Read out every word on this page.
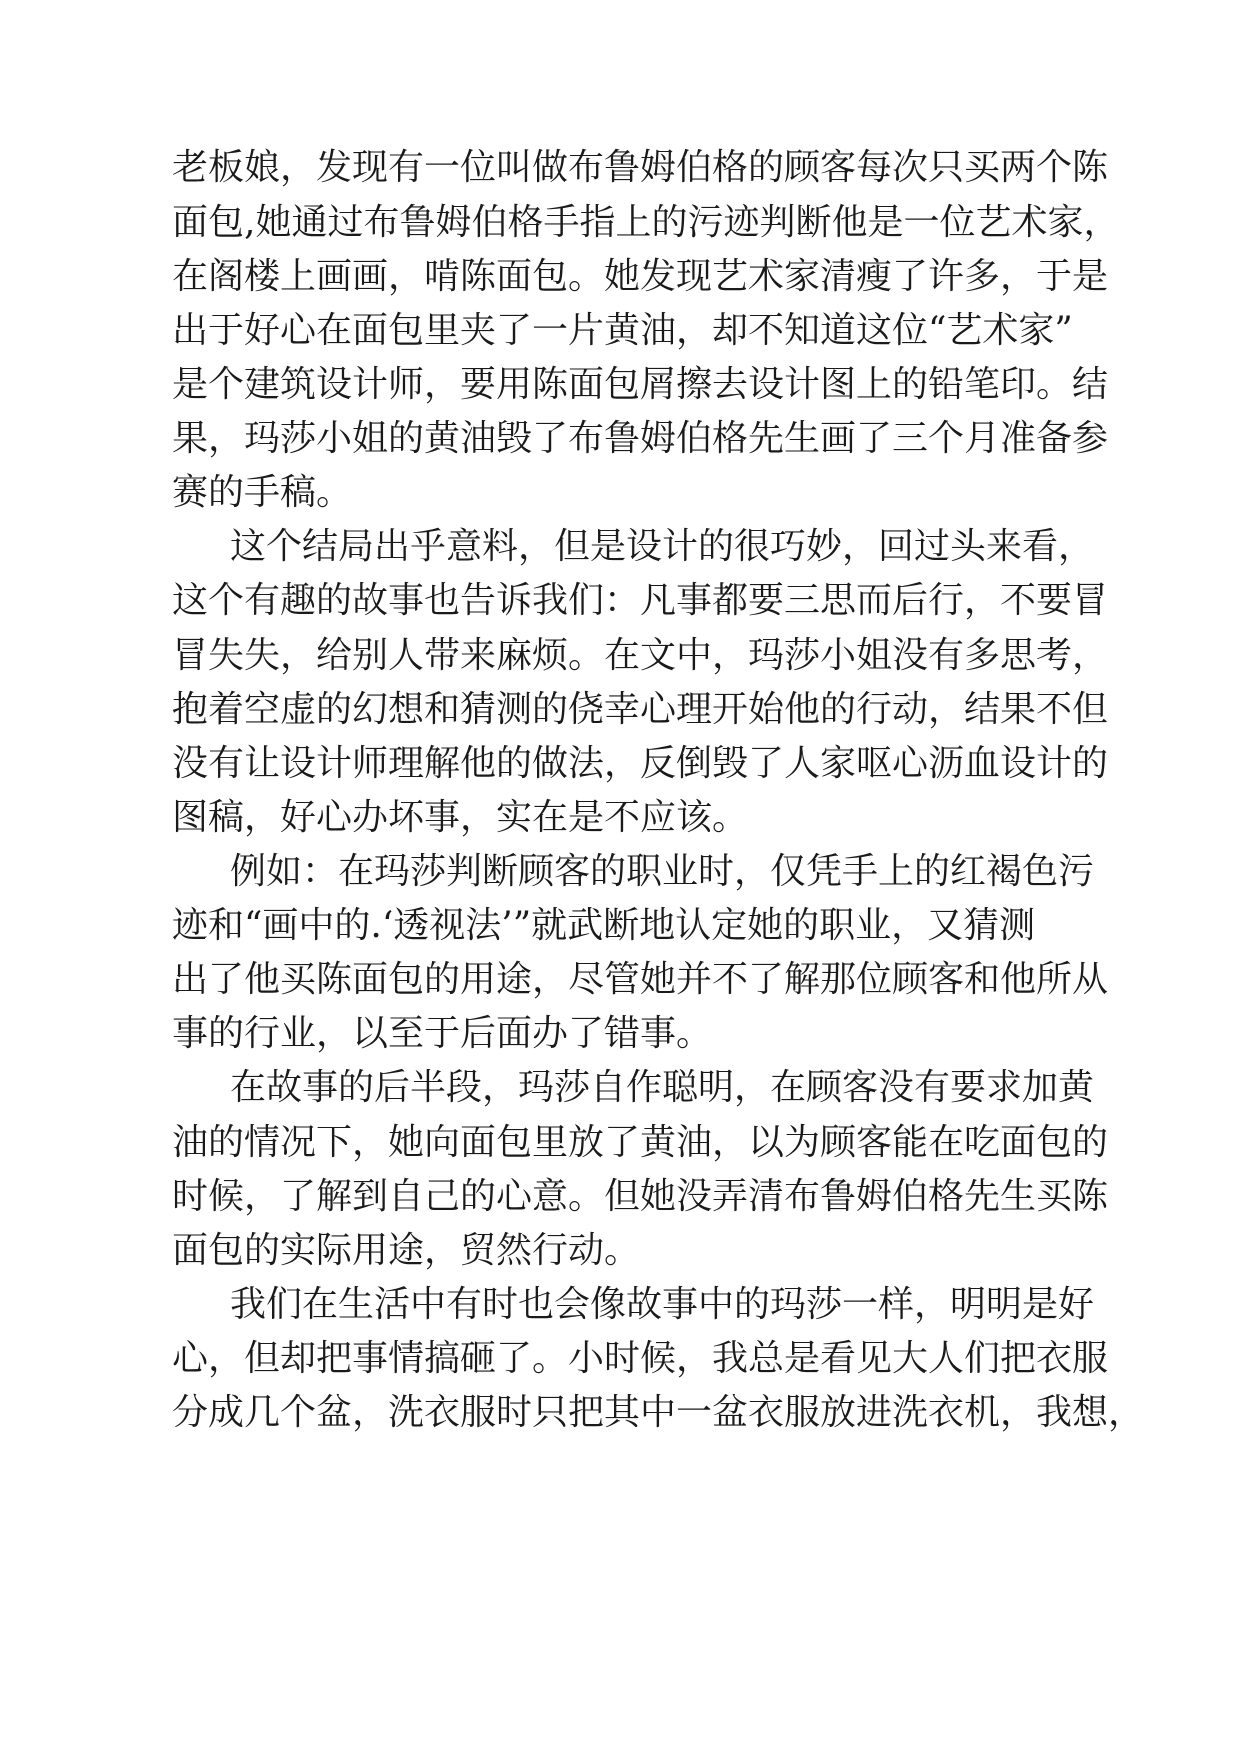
老板娘，发现有一位叫做布鲁姆伯格的顾客每次只买两个陈
面包,她通过布鲁姆伯格手指上的污迹判断他是一位艺术家，
在阁楼上画画，啃陈面包。她发现艺术家清瘦了许多，于是
出于好心在面包里夹了一片黄油，却不知道这位“艺术家”
是个建筑设计师，要用陈面包屑擦去设计图上的铅笔印。结
果，玛莎小姐的黄油毁了布鲁姆伯格先生画了三个月准备参
赛的手稿。
这个结局出乎意料，但是设计的很巧妙，回过头来看，
这个有趣的故事也告诉我们：凡事都要三思而后行，不要冒
冒失失，给别人带来麻烦。在文中，玛莎小姐没有多思考，
抱着空虚的幻想和猜测的侥幸心理开始他的行动，结果不但
没有让设计师理解他的做法，反倒毁了人家呕心沥血设计的
图稿，好心办坏事，实在是不应该。
例如：在玛莎判断顾客的职业时，仅凭手上的红褐色污
迹和“画中的.‘透视法’”就武断地认定她的职业，又猜测
出了他买陈面包的用途，尽管她并不了解那位顾客和他所从
事的行业，以至于后面办了错事。
在故事的后半段，玛莎自作聪明，在顾客没有要求加黄
油的情况下，她向面包里放了黄油，以为顾客能在吃面包的
时候，了解到自己的心意。但她没弄清布鲁姆伯格先生买陈
面包的实际用途，贸然行动。
我们在生活中有时也会像故事中的玛莎一样，明明是好
心，但却把事情搞砸了。小时候，我总是看见大人们把衣服
分成几个盆，洗衣服时只把其中一盆衣服放进洗衣机，我想，
